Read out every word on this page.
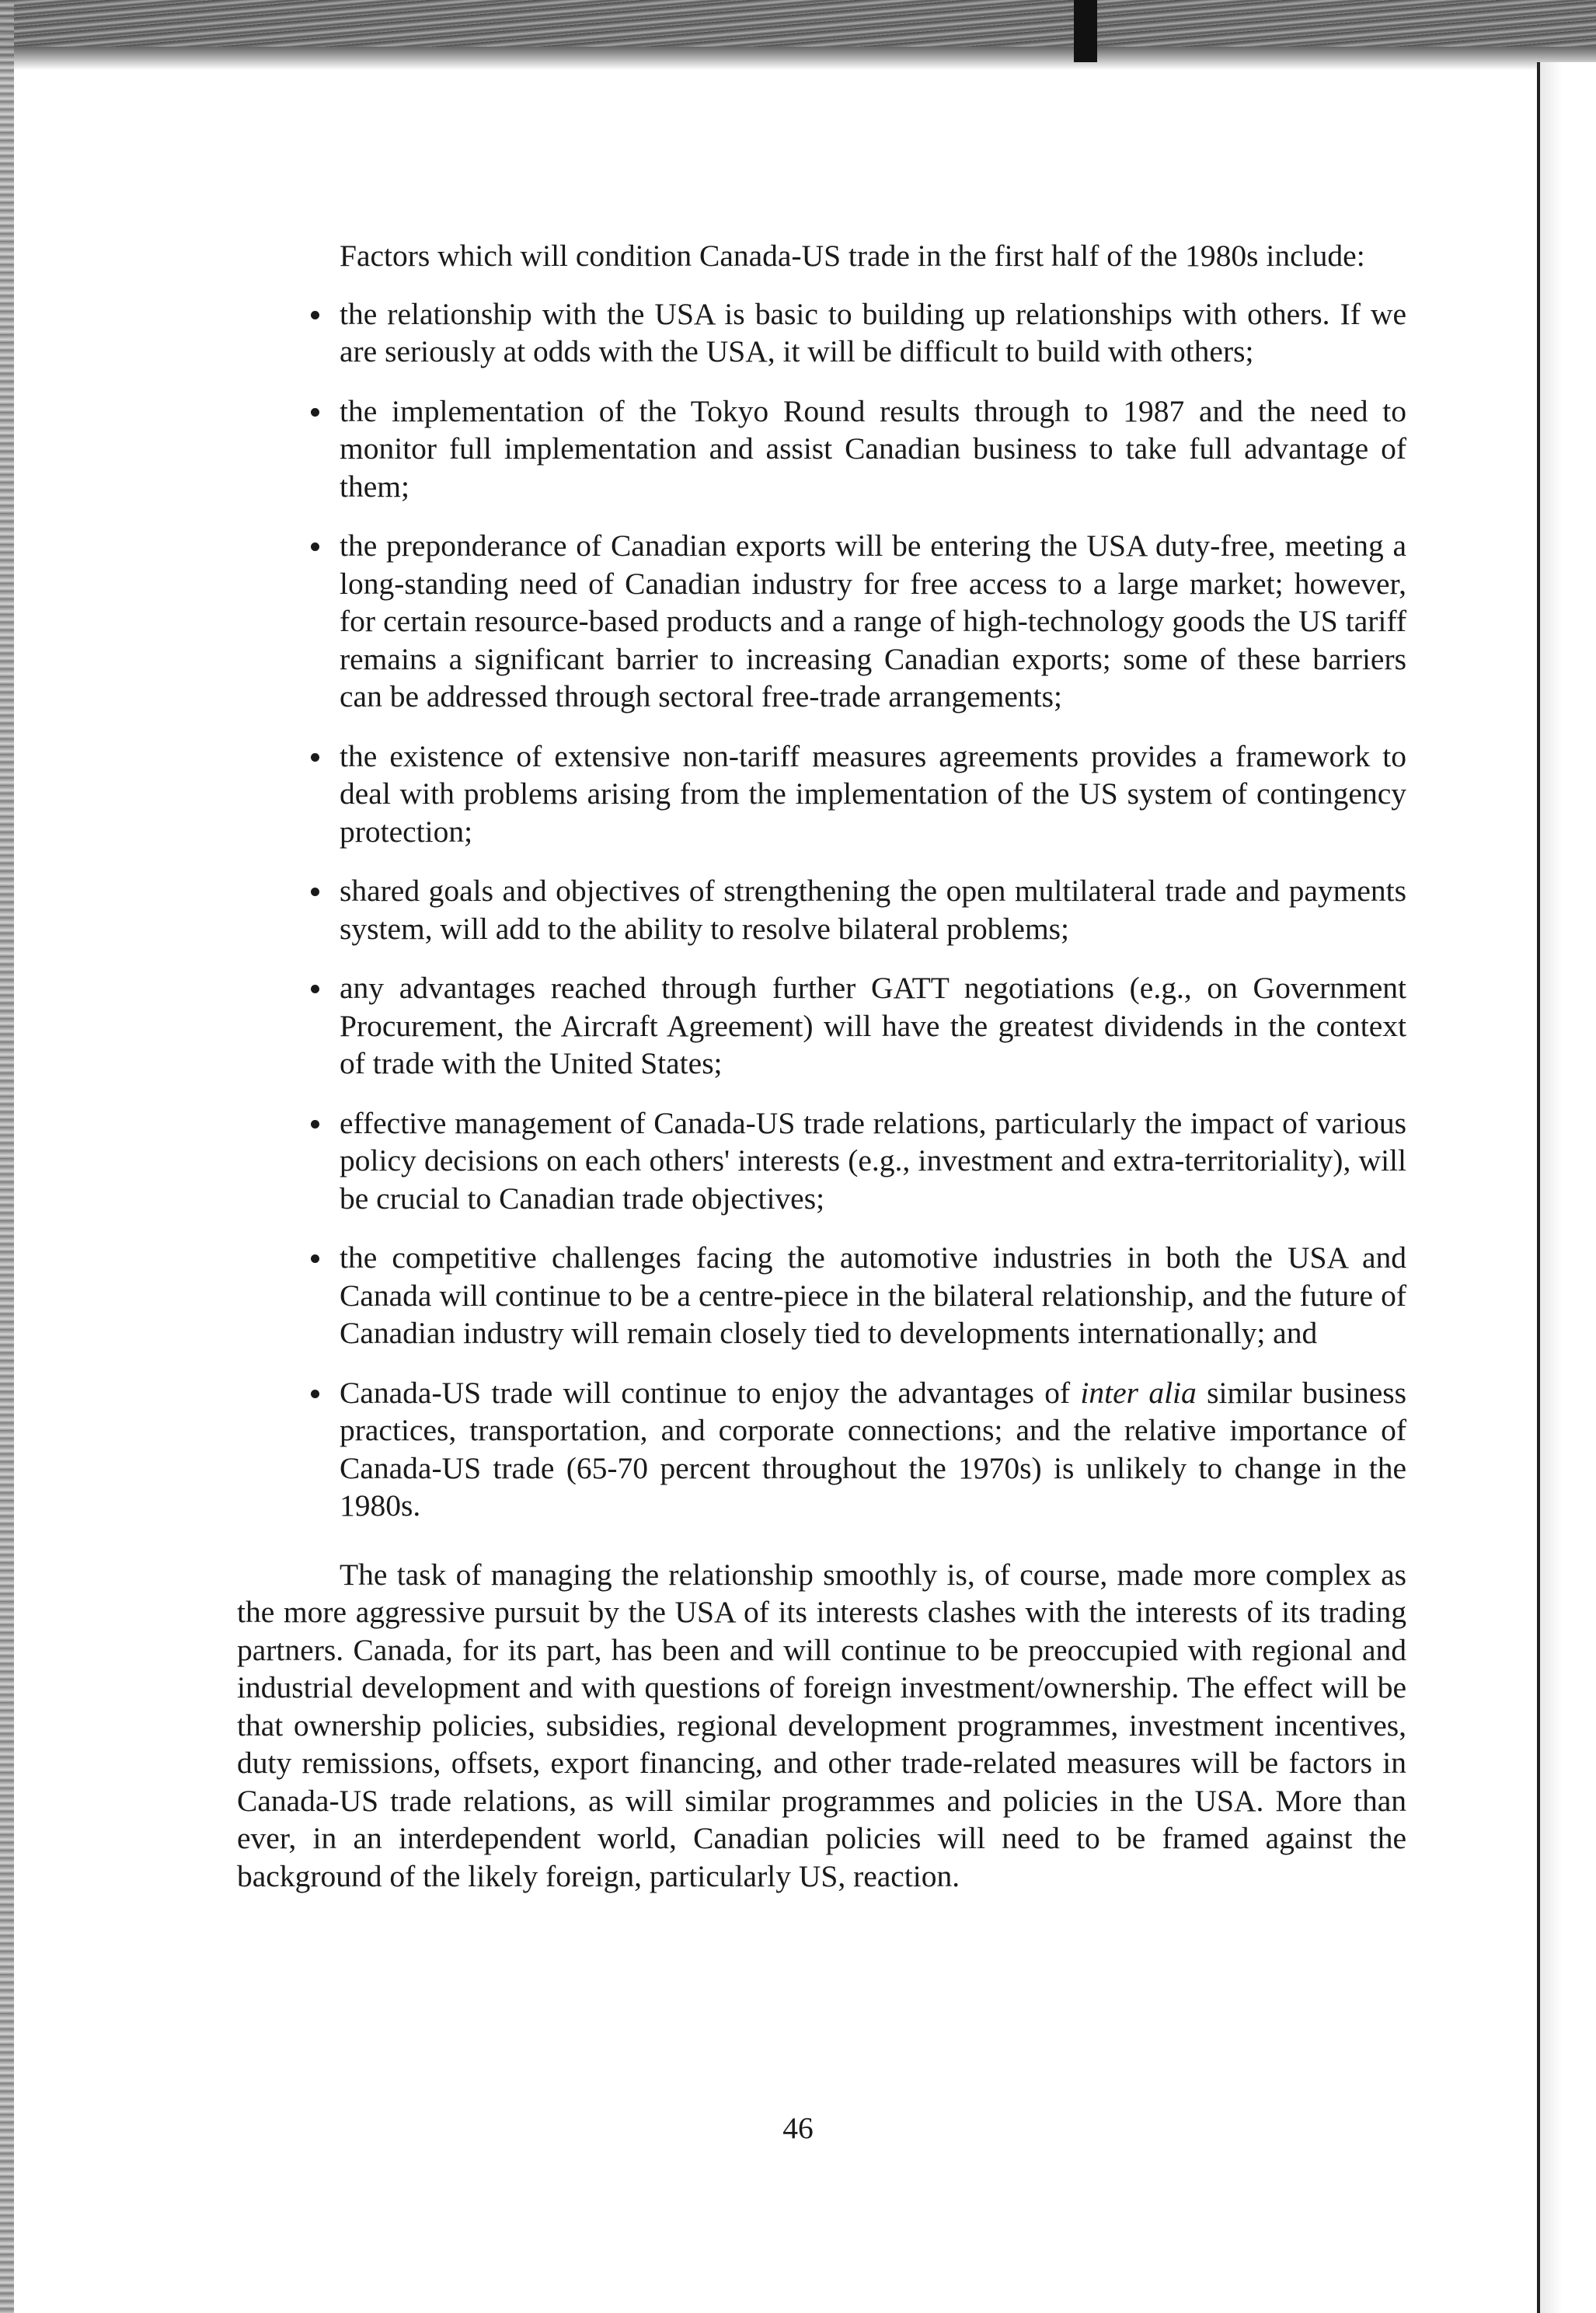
Factors which will condition Canada-US trade in the first half of the 1980s include:

the relationship with the USA is basic to building up relationships with others. If we are seriously at odds with the USA, it will be difficult to build with others;
the implementation of the Tokyo Round results through to 1987 and the need to monitor full implementation and assist Canadian business to take full advantage of them;
the preponderance of Canadian exports will be entering the USA duty-free, meeting a long-standing need of Canadian industry for free access to a large market; however, for certain resource-based products and a range of high-technology goods the US tariff remains a significant barrier to increasing Canadian exports; some of these barriers can be addressed through sectoral free-trade arrangements;
the existence of extensive non-tariff measures agreements provides a framework to deal with problems arising from the implementation of the US system of contingency protection;
shared goals and objectives of strengthening the open multilateral trade and payments system, will add to the ability to resolve bilateral problems;
any advantages reached through further GATT negotiations (e.g., on Government Procurement, the Aircraft Agreement) will have the greatest dividends in the context of trade with the United States;
effective management of Canada-US trade relations, particularly the impact of various policy decisions on each others' interests (e.g., investment and extra-territoriality), will be crucial to Canadian trade objectives;
the competitive challenges facing the automotive industries in both the USA and Canada will continue to be a centre-piece in the bilateral relationship, and the future of Canadian industry will remain closely tied to developments internationally; and
Canada-US trade will continue to enjoy the advantages of inter alia similar business practices, transportation, and corporate connections; and the relative importance of Canada-US trade (65-70 percent throughout the 1970s) is unlikely to change in the 1980s.

The task of managing the relationship smoothly is, of course, made more complex as the more aggressive pursuit by the USA of its interests clashes with the interests of its trading partners. Canada, for its part, has been and will continue to be preoccupied with regional and industrial development and with questions of foreign investment/ownership. The effect will be that ownership policies, subsidies, regional development programmes, investment incentives, duty remissions, offsets, export financing, and other trade-related measures will be factors in Canada-US trade relations, as will similar programmes and policies in the USA. More than ever, in an interdependent world, Canadian policies will need to be framed against the background of the likely foreign, particularly US, reaction.

46
